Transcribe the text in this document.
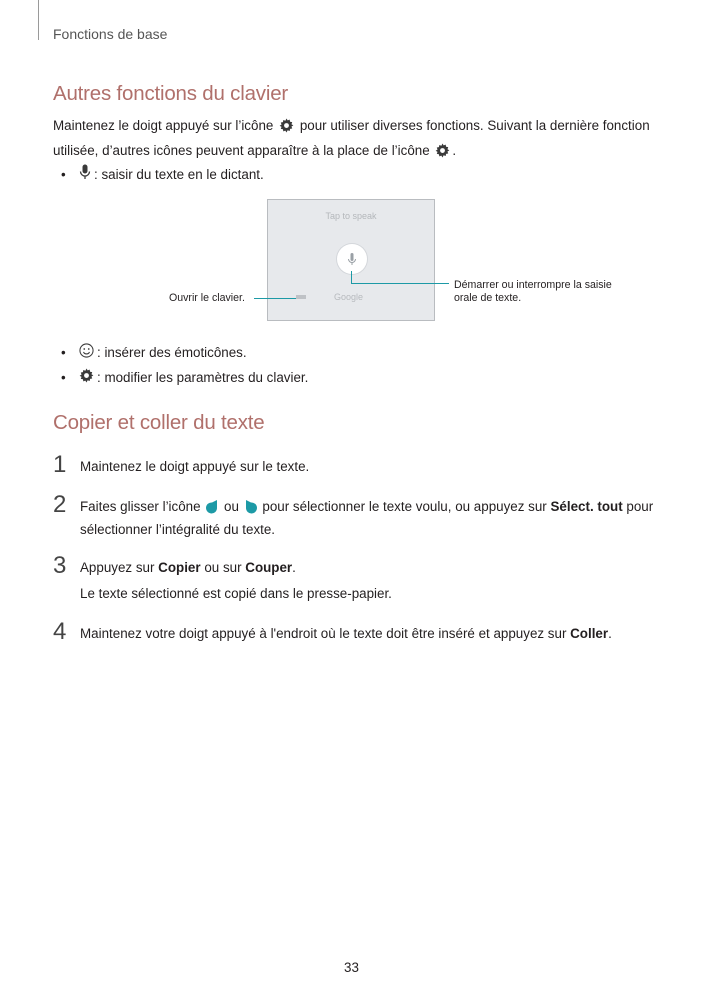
Fonctions de base
Autres fonctions du clavier
Maintenez le doigt appuyé sur l’icône pour utiliser diverses fonctions. Suivant la dernière fonction
utilisée, d’autres icônes peuvent apparaître à la place de l’icône .
•	: saisir du texte en le dictant.
Tap to speak
Google
Ouvrir le clavier.
Démarrer ou interrompre la saisie orale de texte.
•	: insérer des émoticônes.
•	: modifier les paramètres du clavier.
Copier et coller du texte
1 Maintenez le doigt appuyé sur le texte.
2 Faites glisser l’icône ou pour sélectionner le texte voulu, ou appuyez sur Sélect. tout pour sélectionner l’intégralité du texte.
3 Appuyez sur Copier ou sur Couper.
Le texte sélectionné est copié dans le presse-papier.
4 Maintenez votre doigt appuyé à l'endroit où le texte doit être inséré et appuyez sur Coller.
33
